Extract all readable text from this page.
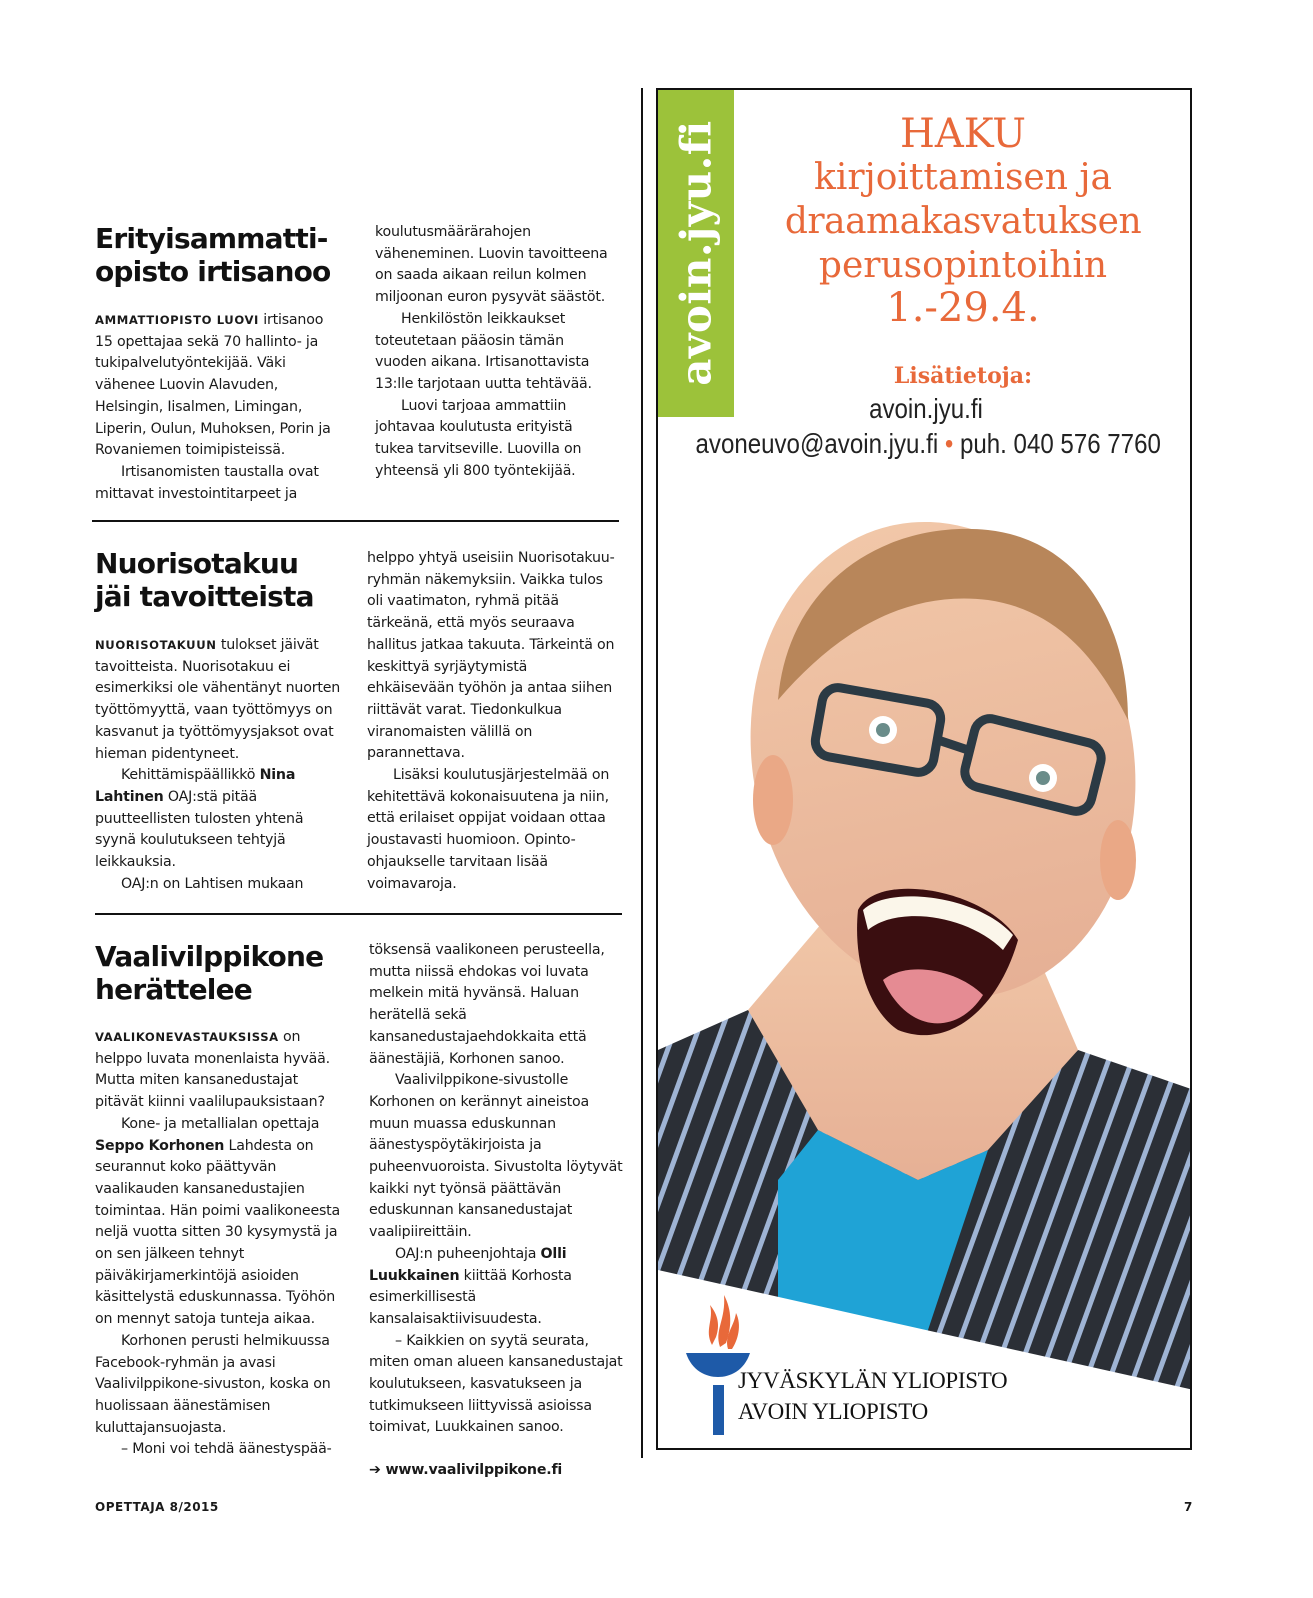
Erityisammatti-
opisto irtisanoo

AMMATTIOPISTO LUOVI irtisanoo 15 opettajaa sekä 70 hallinto- ja tukipalvelutyöntekijää. Väki vähenee Luovin Alavuden, Helsingin, Iisalmen, Limingan, Liperin, Oulun, Muhoksen, Porin ja Rovaniemen toimipisteissä.

Irtisanomisten taustalla ovat mittavat investointitarpeet ja

koulutusmäärärahojen väheneminen. Luovin tavoitteena on saada aikaan reilun kolmen miljoonan euron pysyvät säästöt.

Henkilöstön leikkaukset toteutetaan pääosin tämän vuoden aikana. Irtisanottavista 13:lle tarjotaan uutta tehtävää.

Luovi tarjoaa ammattiin johtavaa koulutusta erityistä tukea tarvitseville. Luovilla on yhteensä yli 800 työntekijää.

Nuorisotakuu
jäi tavoitteista

NUORISOTAKUUN tulokset jäivät tavoitteista. Nuorisotakuu ei esimerkiksi ole vähentänyt nuorten työttömyyttä, vaan työttömyys on kasvanut ja työttömyysjaksot ovat hieman pidentyneet.

Kehittämispäällikkö Nina Lahtinen OAJ:stä pitää puutteellisten tulosten yhtenä syynä koulutukseen tehtyjä leikkauksia.

OAJ:n on Lahtisen mukaan

helppo yhtyä useisiin Nuorisotakuu-ryhmän näkemyksiin. Vaikka tulos oli vaatimaton, ryhmä pitää tärkeänä, että myös seuraava hallitus jatkaa takuuta. Tärkeintä on keskittyä syrjäytymistä ehkäisevään työhön ja antaa siihen riittävät varat. Tiedonkulkua viranomaisten välillä on parannettava.

Lisäksi koulutusjärjestelmää on kehitettävä kokonaisuutena ja niin, että erilaiset oppijat voidaan ottaa joustavasti huomioon. Opinto-ohjaukselle tarvitaan lisää voimavaroja.

Vaalivilppikone
herättelee

VAALIKONEVASTAUKSISSA on helppo luvata monenlaista hyvää. Mutta miten kansanedustajat pitävät kiinni vaalilupauksistaan?

Kone- ja metallialan opettaja Seppo Korhonen Lahdesta on seurannut koko päättyvän vaalikauden kansanedustajien toimintaa. Hän poimi vaalikoneesta neljä vuotta sitten 30 kysymystä ja on sen jälkeen tehnyt päiväkirjamerkintöjä asioiden käsittelystä eduskunnassa. Työhön on mennyt satoja tunteja aikaa.

Korhonen perusti helmikuussa Facebook-ryhmän ja avasi Vaalivilppikone-sivuston, koska on huolissaan äänestämisen kuluttajansuojasta.

– Moni voi tehdä äänestyspää-

töksensä vaalikoneen perusteella, mutta niissä ehdokas voi luvata melkein mitä hyvänsä. Haluan herätellä sekä kansanedustajaehdokkaita että äänestäjiä, Korhonen sanoo.

Vaalivilppikone-sivustolle Korhonen on kerännyt aineistoa muun muassa eduskunnan äänestyspöytäkirjoista ja puheenvuoroista. Sivustolta löytyvät kaikki nyt työnsä päättävän eduskunnan kansanedustajat vaalipiireittäin.

OAJ:n puheenjohtaja Olli Luukkainen kiittää Korhosta esimerkillisestä kansalaisaktiivisuudesta.

– Kaikkien on syytä seurata, miten oman alueen kansanedustajat koulutukseen, kasvatukseen ja tutkimukseen liittyvissä asioissa toimivat, Luukkainen sanoo.

➔ www.vaalivilppikone.fi

avoin.jyu.fi	HAKU
kirjoittamisen ja
draamakasvatuksen
perusopintoihin
1.-29.4.
Lisätietoja:
avoin.jyu.fi
avoneuvo@avoin.jyu.fi • puh. 040 576 7760
JYVÄSKYLÄN YLIOPISTO
AVOIN YLIOPISTO
OPETTAJA 8/2015	7
